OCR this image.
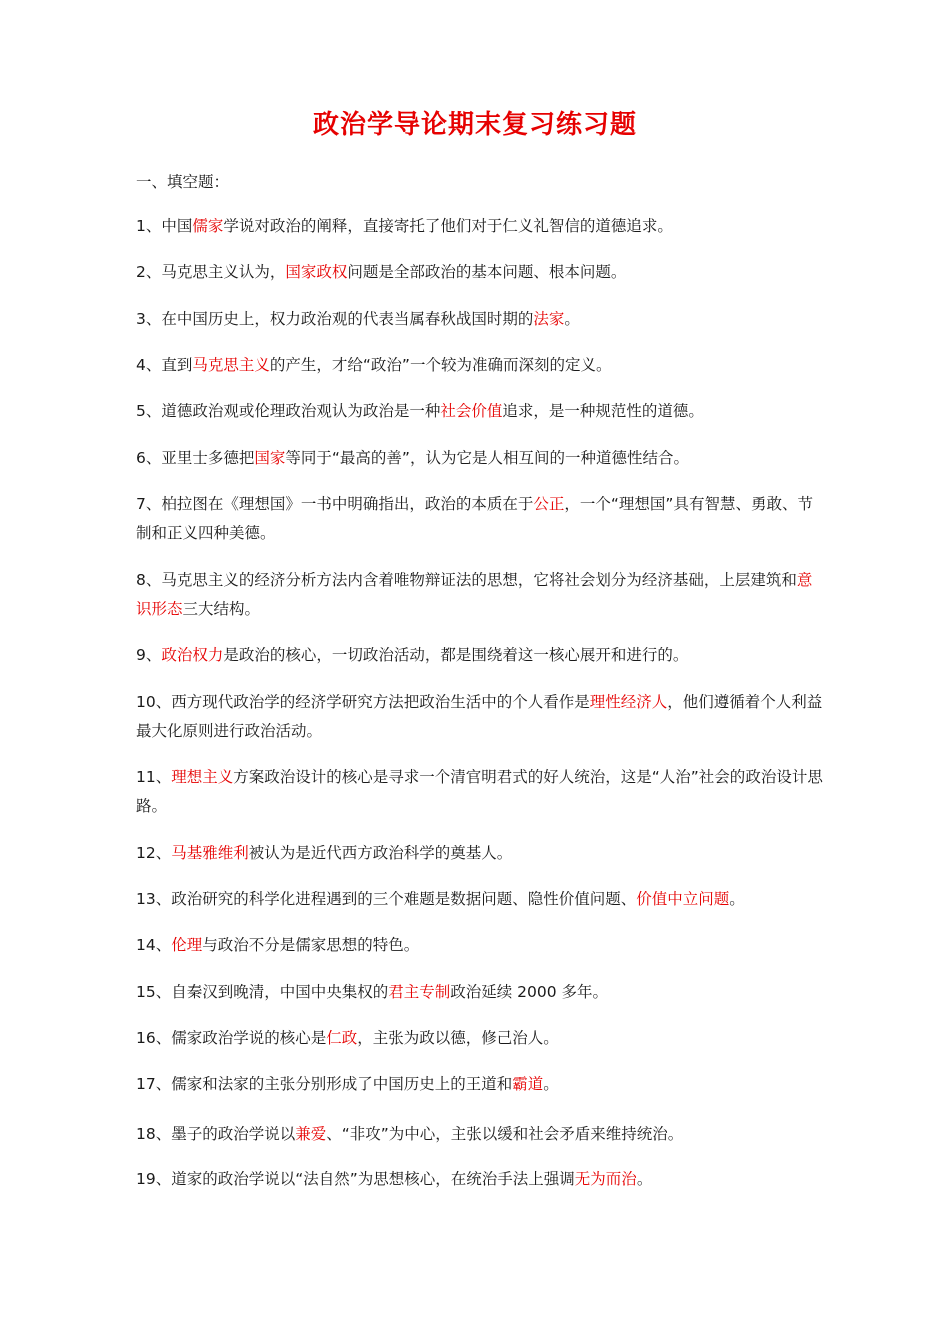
政治学导论期末复习练习题
一、填空题：
1、中国儒家学说对政治的阐释，直接寄托了他们对于仁义礼智信的道德追求。
2、马克思主义认为，国家政权问题是全部政治的基本问题、根本问题。
3、在中国历史上，权力政治观的代表当属春秋战国时期的法家。
4、直到马克思主义的产生，才给“政治”一个较为准确而深刻的定义。
5、道德政治观或伦理政治观认为政治是一种社会价值追求，是一种规范性的道德。
6、亚里士多德把国家等同于“最高的善”，认为它是人相互间的一种道德性结合。
7、柏拉图在《理想国》一书中明确指出，政治的本质在于公正，一个“理想国”具有智慧、勇敢、节制和正义四种美德。
8、马克思主义的经济分析方法内含着唯物辩证法的思想，它将社会划分为经济基础，上层建筑和意识形态三大结构。
9、政治权力是政治的核心，一切政治活动，都是围绕着这一核心展开和进行的。
10、西方现代政治学的经济学研究方法把政治生活中的个人看作是理性经济人，他们遵循着个人利益最大化原则进行政治活动。
11、理想主义方案政治设计的核心是寻求一个清官明君式的好人统治，这是“人治”社会的政治设计思路。
12、马基雅维利被认为是近代西方政治科学的奠基人。
13、政治研究的科学化进程遇到的三个难题是数据问题、隐性价值问题、价值中立问题。
14、伦理与政治不分是儒家思想的特色。
15、自秦汉到晚清，中国中央集权的君主专制政治延续 2000 多年。
16、儒家政治学说的核心是仁政，主张为政以德，修己治人。
17、儒家和法家的主张分别形成了中国历史上的王道和霸道。
18、墨子的政治学说以兼爱、“非攻”为中心，主张以缓和社会矛盾来维持统治。
19、道家的政治学说以“法自然”为思想核心，在统治手法上强调无为而治。
